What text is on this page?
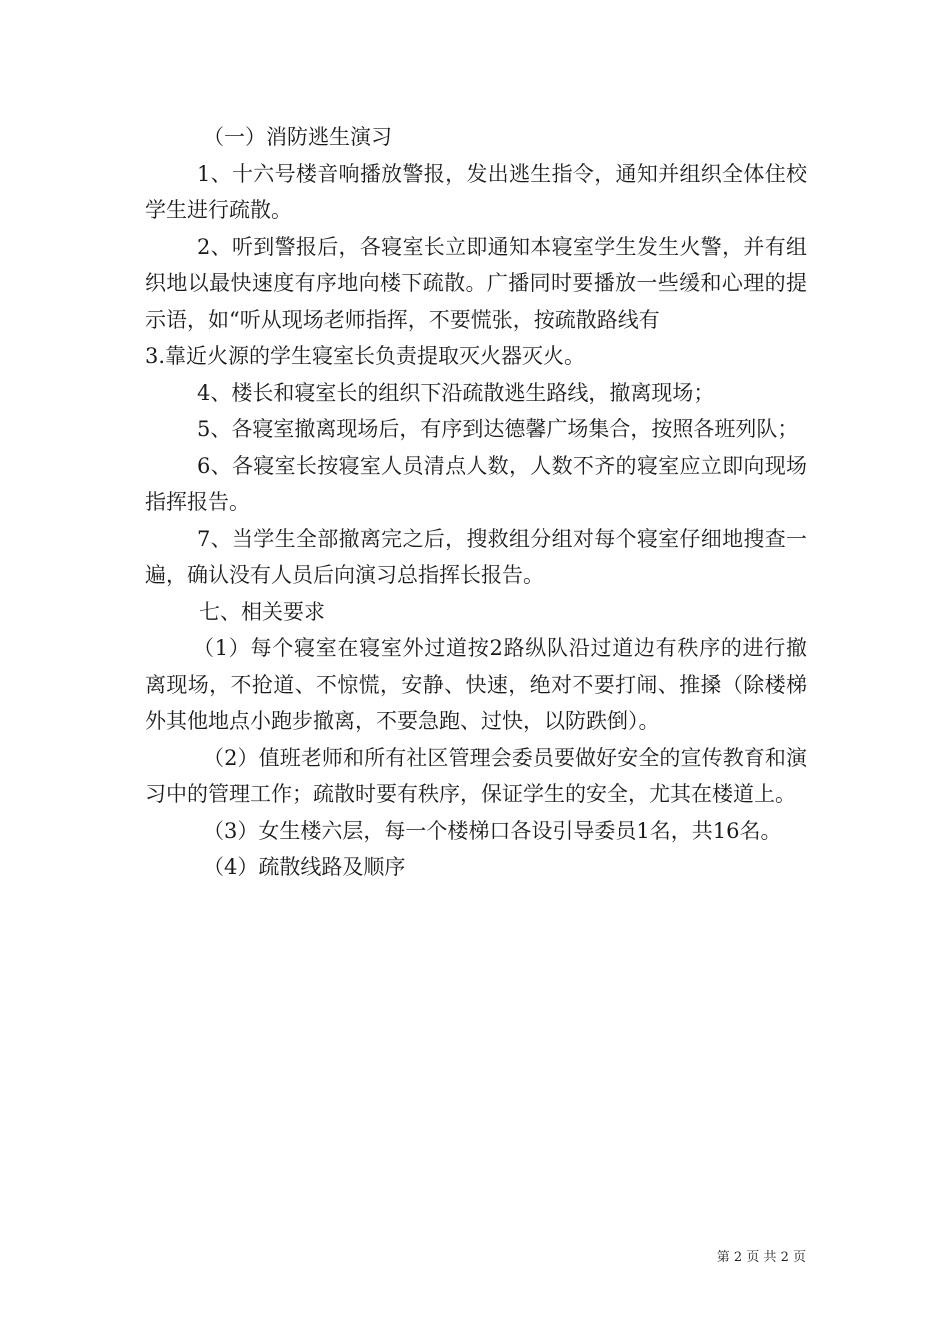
（一）消防逃生演习

1、十六号楼音响播放警报，发出逃生指令，通知并组织全体住校学生进行疏散。

2、听到警报后，各寝室长立即通知本寝室学生发生火警，并有组织地以最快速度有序地向楼下疏散。广播同时要播放一些缓和心理的提示语，如“听从现场老师指挥，不要慌张，按疏散路线有

3.靠近火源的学生寝室长负责提取灭火器灭火。

4、楼长和寝室长的组织下沿疏散逃生路线，撤离现场；

5、各寝室撤离现场后，有序到达德馨广场集合，按照各班列队；

6、各寝室长按寝室人员清点人数，人数不齐的寝室应立即向现场指挥报告。

7、当学生全部撤离完之后，搜救组分组对每个寝室仔细地搜查一遍，确认没有人员后向演习总指挥长报告。

七、相关要求

（1）每个寝室在寝室外过道按2路纵队沿过道边有秩序的进行撤离现场，不抢道、不惊慌，安静、快速，绝对不要打闹、推搡（除楼梯外其他地点小跑步撤离，不要急跑、过快，以防跌倒）。

（2）值班老师和所有社区管理会委员要做好安全的宣传教育和演习中的管理工作；疏散时要有秩序，保证学生的安全，尤其在楼道上。

（3）女生楼六层，每一个楼梯口各设引导委员1名，共16名。

（4）疏散线路及顺序

第 2 页 共 2 页
